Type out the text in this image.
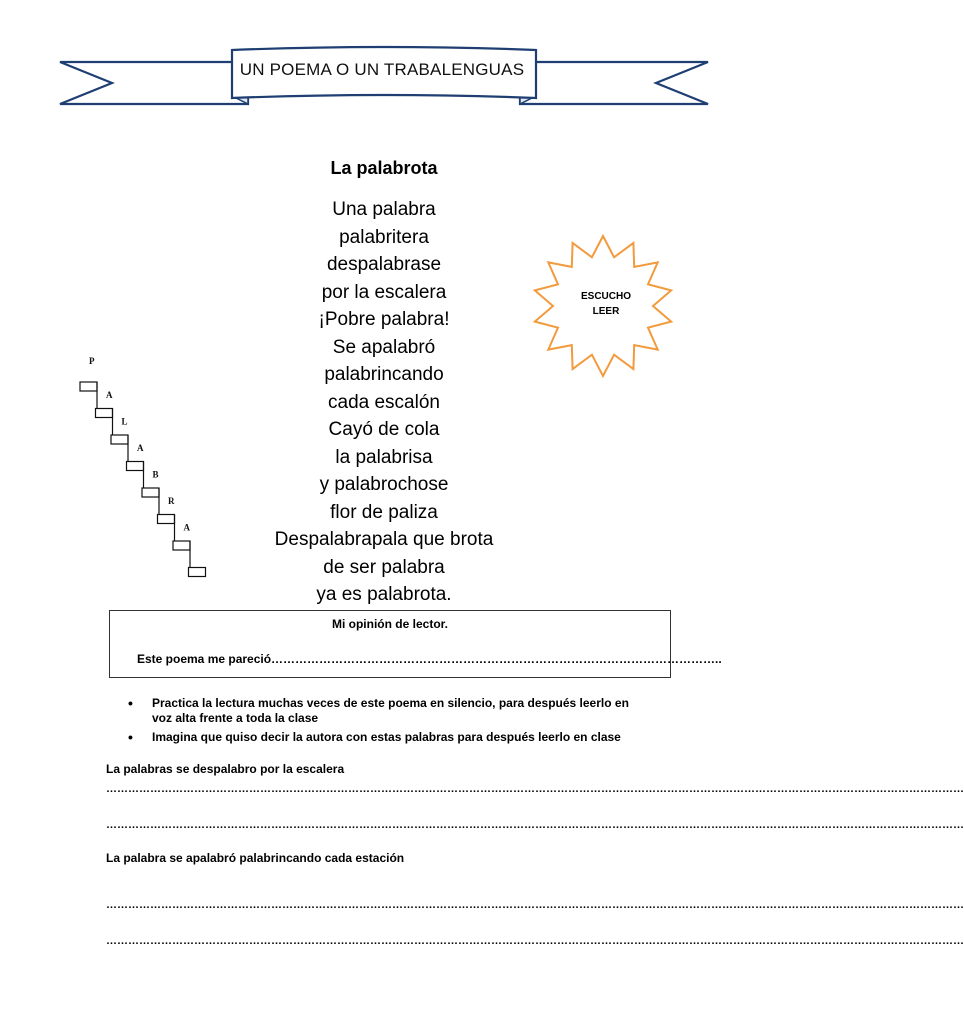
UN POEMA O UN TRABALENGUAS
La palabrota
Una palabra
palabritera
despalabrase
por la escalera
¡Pobre palabra!
Se apalabró
palabrincando
cada escalón
Cayó de cola
la palabrisa
y palabrochose
flor de paliza
Despalabrapala que brota
de ser palabra
ya es palabrota.
ESCUCHO
LEER
P
A
L
A
B
R
A
Mi opinión de lector.
Este poema me pareció…………………………………………………………………………………………………..
• Practica la lectura muchas veces de este poema en silencio, para después leerlo en voz alta frente a toda la clase
• Imagina que quiso decir la autora con estas palabras para después leerlo en clase
La palabras se despalabro por la escalera
………………………………………………………………………………………………………………………………………………………………………………………………………………
………………………………………………………………………………………………………………………………………………………………………………………………………………
La palabra se apalabró palabrincando cada estación
………………………………………………………………………………………………………………………………………………………………………………………………………………
………………………………………………………………………………………………………………………………………………………………………………………………………………
